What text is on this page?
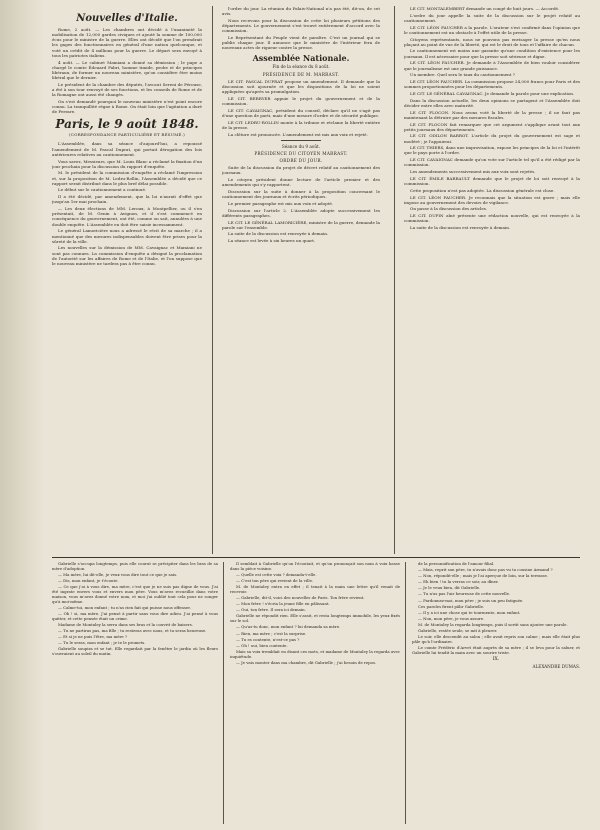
Nouvelles d'Italie.

Rome, 2 août. — Les chambres ont décidé à l'unanimité la mobilisation de 12,000 gardes civiques et ajouté la somme de 100,000 écus pour le ministre de la guerre. Elles ont décidé que l'on prendrait les gages des fonctionnaires en général d'une nation quelconque, et voté un crédit de 4 millions pour la guerre. Le départ sera envoyé à tous les patriotes italiens.

4 août. — Le cabinet Mamiani a donné sa démission ; le pape a chargé le comte Édouard Fabri, homme timide, probe et de principes libéraux, de former un nouveau ministère, qu'on considère être moins libéral que le dernier.

Le président de la chambre des députés, l'avocat Sereni de Pérouse, a été à son tour renvoyé de ses fonctions, et les conseils de Rome et de la Romagne ont aussi été changés.

On s'est demandé pourquoi le nouveau ministère n'est point encore connu. La tranquillité règne à Rome. On était loin que l'agitation a duré de Ferrare.

Paris, le 9 août 1848.
(CORRESPONDANCE PARTICULIÈRE ET RÉSUMÉ.)

L'Assemblée, dans sa séance d'aujourd'hui, a repoussé l'amendement de M. Pascal Duprat, qui portait dérogation des lois antérieures relatives au cautionnement.

Vous savez, Messieurs, que M. Louis Blanc a réclamé la fixation d'un jour prochain pour la discussion du rapport d'enquête.

M. le président de la commission d'enquête a réclamé l'impression et, sur la proposition de M. Ledru-Rollin, l'Assemblée a décidé que ce rapport serait distribué dans le plus bref délai possible.

Le début sur le cautionnement a continué.

Il a été décidé, par amendement, que la loi n'aurait d'effet que jusqu'au 1er mai prochain.

— Les deux élections de MM. Leroux, à Montpellier, ou il s'en présentait, de M. Genin à Avignon, et il s'est commencé en conséquence du gouvernement, ont été, comme on sait, annulées à une double enquête. L'Assemblée en doit être saisie incessamment.

Le général Lamoricière nous a adressé le récit de sa marche ; il a mentionné que des mesures indispensables doivent être prises pour la sûreté de la ville.

Les nouvelles sur la démission de MM. Cavaignac et Mamiani ne sont pas connues. La commission d'enquête a désigné la proclamation de l'autorité sur les affaires de Rome et de l'Italie, et l'on suppose que le nouveau ministère ne tardera pas à être connu.

l'ordre du jour. La réunion du Palais-National n'a pas été, dit-on, de cet avis.

Nous recevons pour la discussion de cette loi plusieurs pétitions des départements. Le gouvernement s'est trouvé entièrement d'accord avec la commission.

Le Représentant du Peuple vient de paraître. C'est un journal qui se publie chaque jour. Il annonce que le ministère de l'intérieur fera de nouveaux actes de rigueur contre la presse.

Assemblée Nationale.
Fin de la séance du 8 août.
PRÉSIDENCE DE M. MARRAST.

LE CIT. PASCAL DUPRAT propose un amendement. Il demande que la discussion soit ajournée et que les dispositions de la loi ne soient appliquées qu'après sa promulgation.

LE CIT. BERRYER appuie le projet du gouvernement et de la commission.

LE CIT. CAVAIGNAC, président du conseil, déclare qu'il ne s'agit pas d'une question de parti, mais d'une mesure d'ordre et de sécurité publique.

LE CIT. LEDRU-ROLLIN monte à la tribune et réclame la liberté entière de la presse.

La clôture est prononcée. L'amendement est mis aux voix et rejeté.

Séance du 9 août.
PRÉSIDENCE DU CITOYEN MARRAST.
ORDRE DU JOUR.

Suite de la discussion du projet de décret relatif au cautionnement des journaux.

Le citoyen président donne lecture de l'article premier et des amendements qui s'y rapportent.

Discussion sur la suite à donner à la proposition concernant le cautionnement des journaux et écrits périodiques.

Le premier paragraphe est mis aux voix et adopté.

Discussion sur l'article 2. L'Assemblée adopte successivement les différents paragraphes.

LE CIT. LE GÉNÉRAL LAMORICIÈRE, ministre de la guerre, demande la parole sur l'ensemble.

La suite de la discussion est renvoyée à demain.

La séance est levée à six heures un quart.

LE CIT. MONTALEMBERT demande un congé de huit jours. — Accordé.

L'ordre du jour appelle la suite de la discussion sur le projet relatif au cautionnement.

LE CIT. LÉON FAUCHER a la parole. L'orateur s'est confirmé dans l'opinion que le cautionnement est un obstacle à l'effet utile de la presse.

Citoyens représentants, nous ne pouvons pas envisager la presse qu'en nous plaçant au point de vue de la liberté, qui est le droit de tous et l'affaire de chacun.

Le cautionnement est moins une garantie qu'une condition d'existence pour les journaux. Il est nécessaire pour que la presse soit sérieuse et digne.

LE CIT. LÉON FAUCHER. Je demande à l'Assemblée de bien vouloir considérer que le journalisme est une grande puissance.

Un membre. Quel sera le taux du cautionnement ?

LE CIT. LÉON FAUCHER. La commission propose 24,000 francs pour Paris et des sommes proportionnées pour les départements.

LE CIT. LE GÉNÉRAL CAVAIGNAC. Je demande la parole pour une explication.

Dans la discussion actuelle, les deux opinions se partagent et l'Assemblée doit décider entre elles avec maturité.

LE CIT. FLOCON. Nous avons voté la liberté de la presse ; il ne faut pas maintenant la détruire par des mesures fiscales.

LE CIT. FLOCON fait remarquer que cet argument s'applique avant tout aux petits journaux des départements.

LE CIT. ODILON BARROT. L'article du projet du gouvernement est sage et modéré ; je l'appuierai.

LE CIT. THIERS, dans une improvisation, expose les principes de la loi et l'intérêt que le pays porte à l'ordre.

LE CIT. CAVAIGNAC demande qu'on vote sur l'article tel qu'il a été rédigé par la commission.

Les amendements successivement mis aux voix sont rejetés.

LE CIT. ÉMILE BARRAULT demande que le projet de loi soit renvoyé à la commission.

Cette proposition n'est pas adoptée. La discussion générale est close.

LE CIT. LÉON FAUCHER. Je reconnais que la situation est grave ; mais elle impose au gouvernement des devoirs de vigilance.

On passe à la discussion des articles.

LE CIT. DUPIN aîné présente une rédaction nouvelle, qui est renvoyée à la commission.

La suite de la discussion est renvoyée à demain.

Gabrielle s'occupa longtemps, puis elle courut se précipiter dans les bras de sa mère d'adoption.

— Ma mère, lui dit-elle, je veux vous dire tout ce que je sais.

— Dis, mon enfant, je t'écoute.

— Ce que j'ai à vous dire, ma mère, c'est que je ne suis pas digne de vous. J'ai été ingrate envers vous et envers mon père. Vous m'avez recueillie dans votre maison, vous m'avez donné votre nom, et moi j'ai oublié tout cela pour ne songer qu'à moi-même.

— Calme-toi, mon enfant ; tu n'as rien fait qui puisse nous offenser.

— Oh ! si, ma mère. J'ai pensé à partir sans vous dire adieu. J'ai pensé à vous quitter, et cette pensée était un crime.

Madame de Montaley la serra dans ses bras et la couvrit de baisers.

— Tu ne partiras pas, ma fille ; tu resteras avec nous, et tu seras heureuse.

— Et si je ne puis l'être, ma mère ?

— Tu le seras, mon enfant ; je te le promets.

Gabrielle soupira et se tut. Elle regardait par la fenêtre le jardin où les fleurs s'ouvraient au soleil du matin.

Il semblait à Gabrielle qu'on l'écoutait, et qu'on prononçait son nom à voix basse dans la pièce voisine.

— Quelle est cette voix ? demanda-t-elle.

— C'est ton père qui revient de la ville.

M. de Montaley entra en effet ; il tenait à la main une lettre qu'il venait de recevoir.

— Gabrielle, dit-il, voici des nouvelles de Paris. Ton frère revient.

— Mon frère ! s'écria la jeune fille en pâlissant.

— Oui, ton frère. Il sera ici demain.

Gabrielle ne répondit rien. Elle s'assit, et resta longtemps immobile, les yeux fixés sur le sol.

— Qu'as-tu donc, mon enfant ? lui demanda sa mère.

— Rien, ma mère ; c'est la surprise.

— Tu es contente, n'est-ce pas ?

— Oh ! oui, bien contente.

Mais sa voix tremblait en disant ces mots, et madame de Montaley la regarda avec inquiétude.

— Je vais monter dans ma chambre, dit Gabrielle ; j'ai besoin de repos.

de la personnification de l'amour filial.

— Mais, reprit son père, tu n'avais donc pas vu ta cousine Armand ?

— Non, répondit-elle ; mais je l'ai aperçue de loin, sur la terrasse.

— Eh bien ! tu la verras ce soir, au dîner.

— Je le veux bien, dit Gabrielle.

— Tu n'as pas l'air heureuse de cette nouvelle.

— Pardonnez-moi, mon père ; je suis un peu fatiguée.

Ces paroles firent pâlir Gabrielle.

— Il y a ici une chose qui te tourmente, mon enfant.

— Non, mon père, je vous assure.

M. de Montaley la regarda longtemps, puis il sortit sans ajouter une parole.

Gabrielle, restée seule, se mit à pleurer.

Le soir, elle descendit au salon ; elle avait repris son calme ; mais elle était plus pâle qu'à l'ordinaire.

Le comte Frédéric d'Arvet était auprès de sa mère ; il se leva pour la saluer, et Gabrielle lui tendit la main avec un sourire triste.

IX.
ALEXANDRE DUMAS.
